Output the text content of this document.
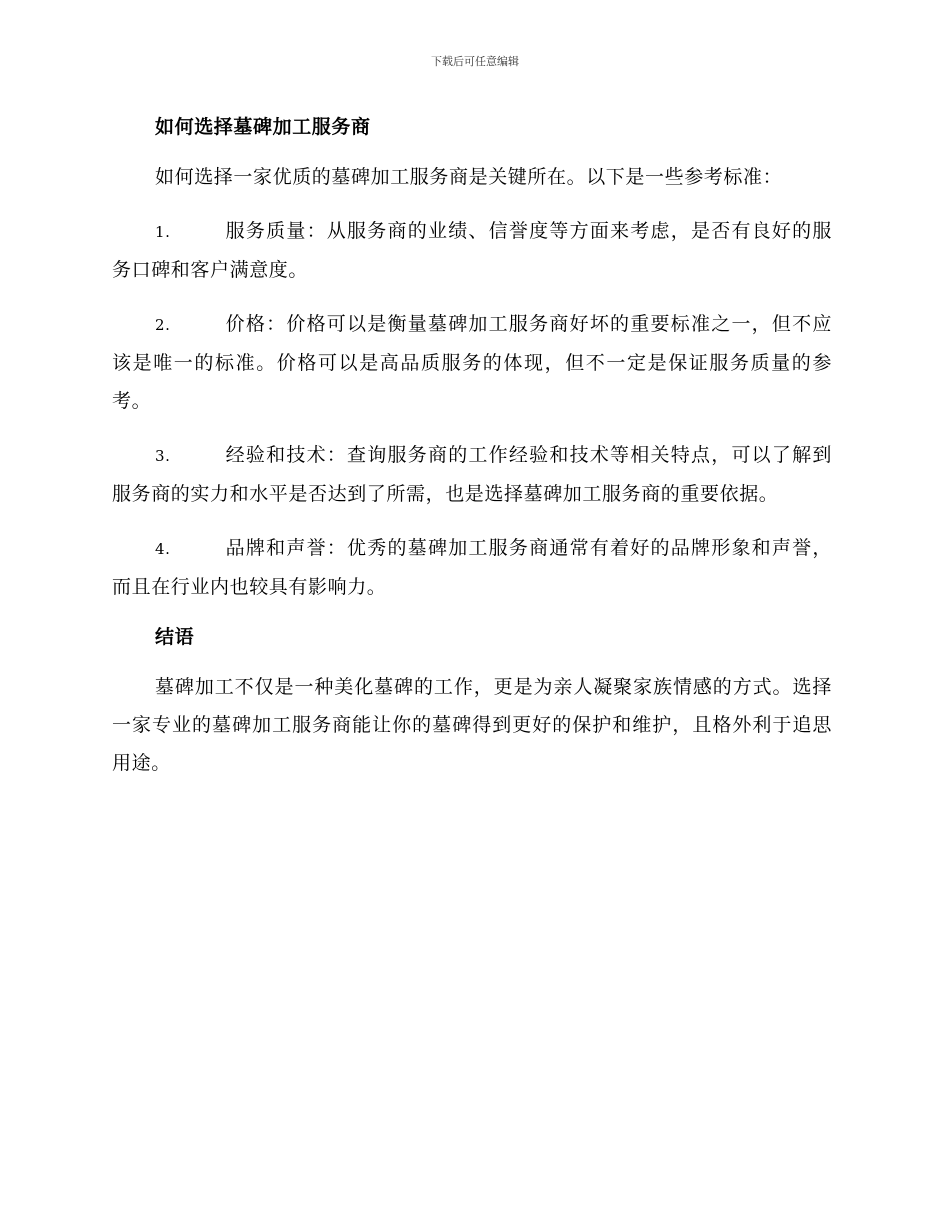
下载后可任意编辑
如何选择墓碑加工服务商

如何选择一家优质的墓碑加工服务商是关键所在。以下是一些参考标准：

1.	服务质量：从服务商的业绩、信誉度等方面来考虑，是否有良好的服务口碑和客户满意度。

2.	价格：价格可以是衡量墓碑加工服务商好坏的重要标准之一，但不应该是唯一的标准。价格可以是高品质服务的体现，但不一定是保证服务质量的参考。

3.	经验和技术：查询服务商的工作经验和技术等相关特点，可以了解到服务商的实力和水平是否达到了所需，也是选择墓碑加工服务商的重要依据。

4.	品牌和声誉：优秀的墓碑加工服务商通常有着好的品牌形象和声誉，而且在行业内也较具有影响力。

结语

墓碑加工不仅是一种美化墓碑的工作，更是为亲人凝聚家族情感的方式。选择一家专业的墓碑加工服务商能让你的墓碑得到更好的保护和维护，且格外利于追思用途。
